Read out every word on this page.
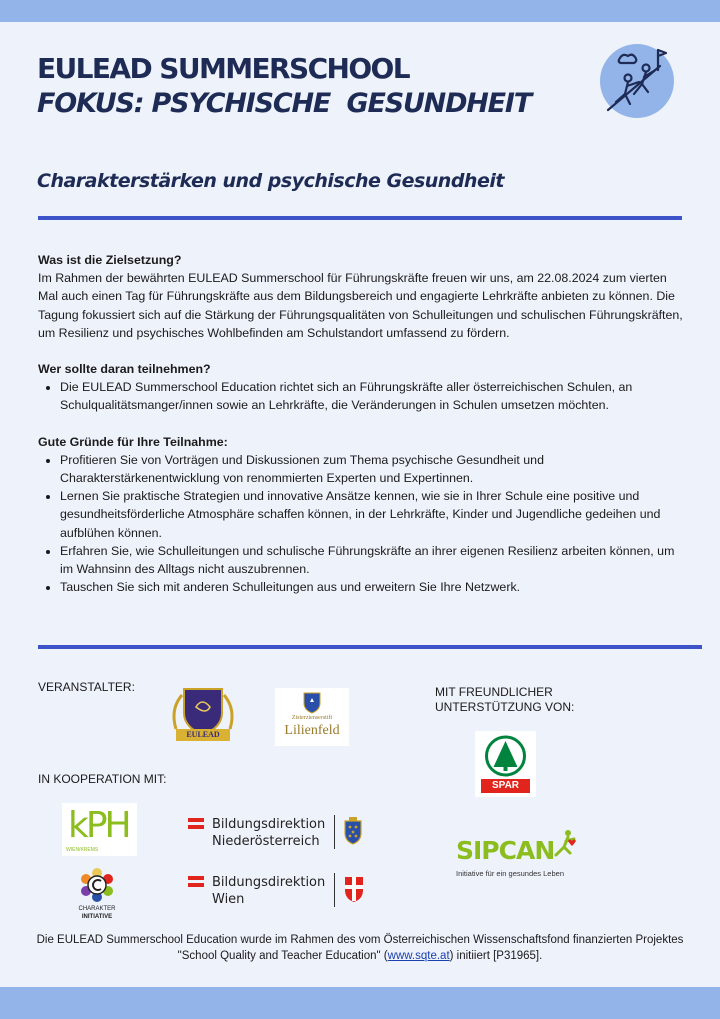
EULEAD SUMMERSCHOOL
FOKUS: PSYCHISCHE  GESUNDHEIT
Charakterstärken und psychische Gesundheit
Was ist die Zielsetzung?

Im Rahmen der bewährten EULEAD Summerschool für Führungskräfte freuen wir uns, am 22.08.2024 zum vierten Mal auch einen Tag für Führungskräfte aus dem Bildungsbereich und engagierte Lehrkräfte anbieten zu können. Die Tagung fokussiert sich auf die Stärkung der Führungsqualitäten von Schulleitungen und schulischen Führungskräften, um Resilienz und psychisches Wohlbefinden am Schulstandort umfassend zu fördern.

Wer sollte daran teilnehmen?
• Die EULEAD Summerschool Education richtet sich an Führungskräfte aller österreichischen Schulen, an Schulqualitätsmanger/innen sowie an Lehrkräfte, die Veränderungen in Schulen umsetzen möchten.
Gute Gründe für Ihre Teilnahme:
• Profitieren Sie von Vorträgen und Diskussionen zum Thema psychische Gesundheit und Charakterstärkenentwicklung von renommierten Experten und Expertinnen.
• Lernen Sie praktische Strategien und innovative Ansätze kennen, wie sie in Ihrer Schule eine positive und gesundheitsförderliche Atmosphäre schaffen können, in der Lehrkräfte, Kinder und Jugendliche gedeihen und aufblühen können.
• Erfahren Sie, wie Schulleitungen und schulische Führungskräfte an ihrer eigenen Resilienz arbeiten können, um im Wahnsinn des Alltags nicht auszubrennen.
• Tauschen Sie sich mit anderen Schulleitungen aus und erweitern Sie Ihre Netzwerk.
VERANSTALTER:	MIT FREUNDLICHER
UNTERSTÜTZUNG VON:
IN KOOPERATION MIT:
EULEAD
Zisterzienserstift
Lilienfeld
SPAR
kPH
WIEN/KREMS
Bildungsdirektion
Niederösterreich
Bildungsdirektion
Wien
SIPCAN
Initiative für ein gesundes Leben
CHARAKTER
INITIATIVE
Die EULEAD Summerschool Education wurde im Rahmen des vom Österreichischen Wissenschaftsfond finanzierten Projektes "School Quality and Teacher Education" (www.sqte.at) initiiert [P31965].
